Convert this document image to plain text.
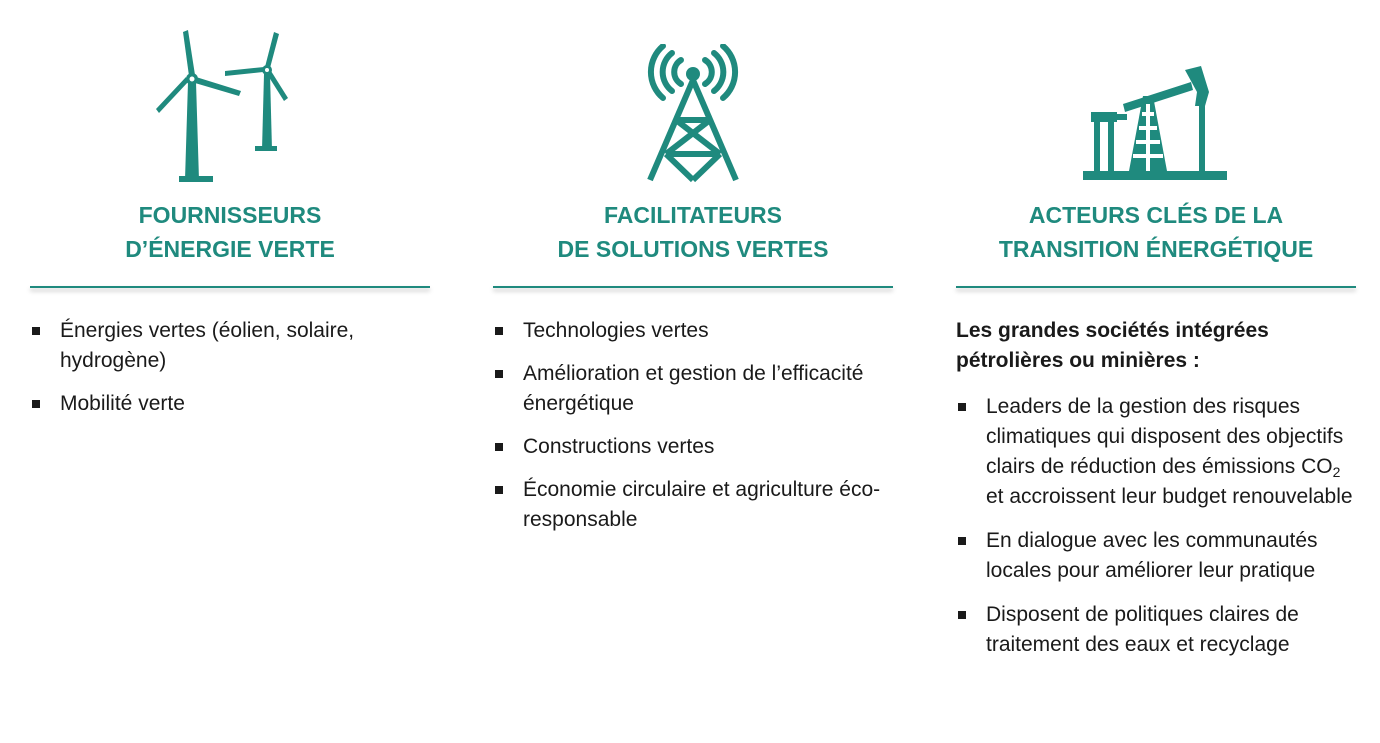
FOURNISSEURS
D’ÉNERGIE VERTE
Énergies vertes (éolien, solaire, hydrogène)
Mobilité verte
FACILITATEURS
DE SOLUTIONS VERTES
Technologies vertes
Amélioration et gestion de l’efficacité énergétique
Constructions vertes
Économie circulaire et agriculture éco-responsable
ACTEURS CLÉS DE LA
TRANSITION ÉNERGÉTIQUE

Les grandes sociétés intégrées
pétrolières ou minières :

Leaders de la gestion des risques climatiques qui disposent des objectifs clairs de réduction des émissions $CO_2$ et accroissent leur budget renouvelable
En dialogue avec les communautés locales pour améliorer leur pratique
Disposent de politiques claires de traitement des eaux et recyclage
